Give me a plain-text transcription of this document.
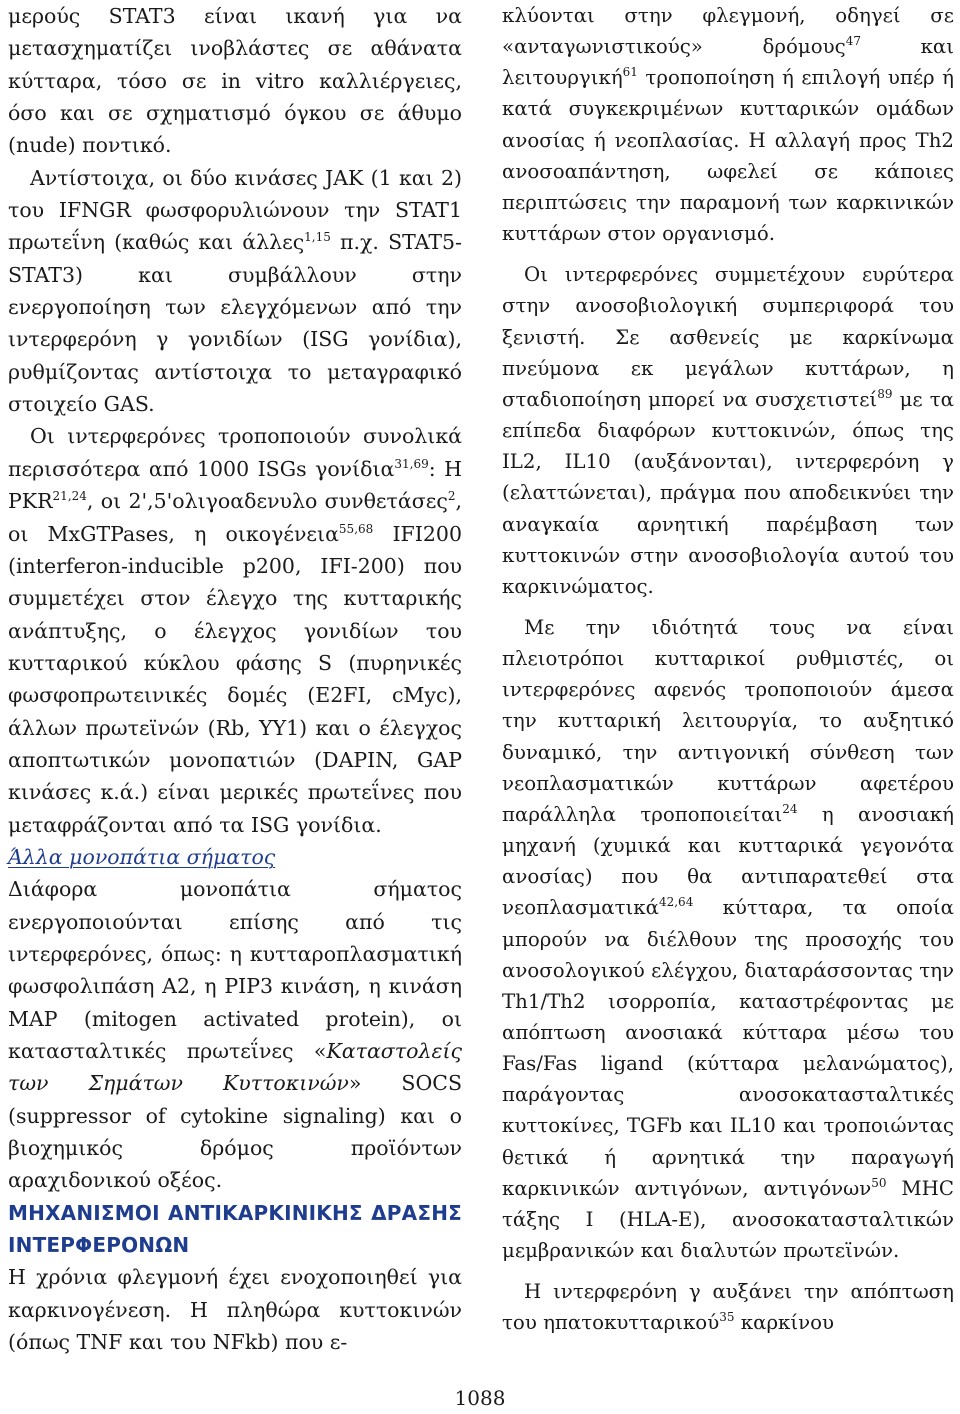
μερούς STAT3 είναι ικανή για να μετασχηματίζει ινοβλάστες σε αθάνατα κύτταρα, τόσο σε in vitro καλλιέργειες, όσο και σε σχηματισμό όγκου σε άθυμο (nude) ποντικό.

Αντίστοιχα, οι δύο κινάσες JAK (1 και 2) του IFNGR φωσφορυλιώνουν την STAT1 πρωτεΐνη (καθώς και άλλες$^{1,15}$ π.χ. STAT5-STAT3) και συμβάλλουν στην ενεργοποίηση των ελεγχόμενων από την ιντερφερόνη γ γονιδίων (ISG γονίδια), ρυθμίζοντας αντίστοιχα το μεταγραφικό στοιχείο GAS.

Οι ιντερφερόνες τροποποιούν συνολικά περισσότερα από 1000 ISGs γονίδια$^{31,69}$: Η PKR$^{21,24}$, οι 2',5'ολιγοαδενυλο συνθετάσες$^2$, οι MxGTPases, η οικογένεια$^{55,68}$ IFI200 (interferon-inducible p200, IFI-200) που συμμετέχει στον έλεγχο της κυτταρικής ανάπτυξης, ο έλεγχος γονιδίων του κυτταρικού κύκλου φάσης S (πυρηνικές φωσφοπρωτεινικές δομές (E2FI, cMyc), άλλων πρωτεϊνών (Rb, YY1) και ο έλεγχος αποπτωτικών μονοπατιών (DAPIN, GAP κινάσες κ.ά.) είναι μερικές πρωτεΐνες που μεταφράζονται από τα ISG γονίδια.

Άλλα μονοπάτια σήματος

Διάφορα μονοπάτια σήματος ενεργοποιούνται επίσης από τις ιντερφερόνες, όπως: η κυτταροπλασματική φωσφολιπάση A2, η PIP3 κινάση, η κινάση MAP (mitogen activated protein), οι κατασταλτικές πρωτεΐνες «Καταστολείς των Σημάτων Κυττοκινών» SOCS (suppressor of cytokine signaling) και ο βιοχημικός δρόμος προϊόντων αραχιδονικού οξέος.

ΜΗΧΑΝΙΣΜΟΙ ΑΝΤΙΚΑΡΚΙΝΙΚΗΣ ΔΡΑΣΗΣ ΙΝΤΕΡΦΕΡΟΝΩΝ

Η χρόνια φλεγμονή έχει ενοχοποιηθεί για καρκινογένεση. Η πληθώρα κυττοκινών (όπως TNF και του NFkb) που ε-

κλύονται στην φλεγμονή, οδηγεί σε «ανταγωνιστικούς» δρόμους$^{47}$ και λειτουργική$^{61}$ τροποποίηση ή επιλογή υπέρ ή κατά συγκεκριμένων κυτταρικών ομάδων ανοσίας ή νεοπλασίας. Η αλλαγή προς Th2 ανοσοαπάντηση, ωφελεί σε κάποιες περιπτώσεις την παραμονή των καρκινικών κυττάρων στον οργανισμό.

Οι ιντερφερόνες συμμετέχουν ευρύτερα στην ανοσοβιολογική συμπεριφορά του ξενιστή. Σε ασθενείς με καρκίνωμα πνεύμονα εκ μεγάλων κυττάρων, η σταδιοποίηση μπορεί να συσχετιστεί$^{89}$ με τα επίπεδα διαφόρων κυττοκινών, όπως της IL2, IL10 (αυξάνονται), ιντερφερόνη γ (ελαττώνεται), πράγμα που αποδεικνύει την αναγκαία αρνητική παρέμβαση των κυττοκινών στην ανοσοβιολογία αυτού του καρκινώματος.

Με την ιδιότητά τους να είναι πλειοτρόποι κυτταρικοί ρυθμιστές, οι ιντερφερόνες αφενός τροποποιούν άμεσα την κυτταρική λειτουργία, το αυξητικό δυναμικό, την αντιγονική σύνθεση των νεοπλασματικών κυττάρων αφετέρου παράλληλα τροποποιείται$^{24}$ η ανοσιακή μηχανή (χυμικά και κυτταρικά γεγονότα ανοσίας) που θα αντιπαρατεθεί στα νεοπλασματικά$^{42,64}$ κύτταρα, τα οποία μπορούν να διέλθουν της προσοχής του ανοσολογικού ελέγχου, διαταράσσοντας την Th1/Th2 ισορροπία, καταστρέφοντας με απόπτωση ανοσιακά κύτταρα μέσω του Fas/Fas ligand (κύτταρα μελανώματος), παράγοντας ανοσοκατασταλτικές κυττοκίνες, TGFb και IL10 και τροποιώντας θετικά ή αρνητικά την παραγωγή καρκινικών αντιγόνων, αντιγόνων$^{50}$ MHC τάξης I (HLA-E), ανοσοκατασταλτικών μεμβρανικών και διαλυτών πρωτεϊνών.

Η ιντερφερόνη γ αυξάνει την απόπτωση του ηπατοκυτταρικού$^{35}$ καρκίνου

1088
